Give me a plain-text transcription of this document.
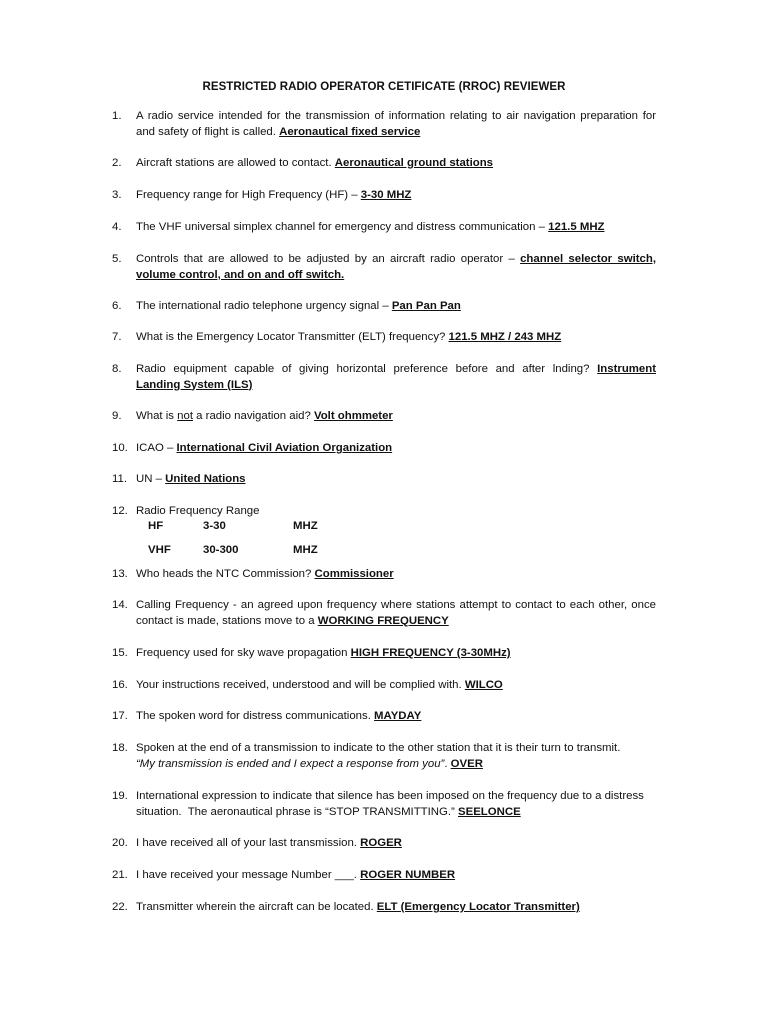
RESTRICTED RADIO OPERATOR CETIFICATE (RROC) REVIEWER
1. A radio service intended for the transmission of information relating to air navigation preparation for
and safety of flight is called. Aeronautical fixed service
2. Aircraft stations are allowed to contact. Aeronautical ground stations
3. Frequency range for High Frequency (HF) – 3-30 MHZ
4. The VHF universal simplex channel for emergency and distress communication – 121.5 MHZ
5. Controls that are allowed to be adjusted by an aircraft radio operator – channel selector switch,
volume control, and on and off switch.
6. The international radio telephone urgency signal – Pan Pan Pan
7. What is the Emergency Locator Transmitter (ELT) frequency? 121.5 MHZ / 243 MHZ
8. Radio equipment capable of giving horizontal preference before and after lnding? Instrument
Landing System (ILS)
9. What is not a radio navigation aid? Volt ohmmeter
10. ICAO – International Civil Aviation Organization
11. UN – United Nations
12. Radio Frequency Range
HF	3-30	MHZ
VHF	30-300	MHZ
13. Who heads the NTC Commission? Commissioner
14. Calling Frequency - an agreed upon frequency where stations attempt to contact to each other, once
contact is made, stations move to a WORKING FREQUENCY
15. Frequency used for sky wave propagation HIGH FREQUENCY (3-30MHz)
16. Your instructions received, understood and will be complied with. WILCO
17. The spoken word for distress communications. MAYDAY
18. Spoken at the end of a transmission to indicate to the other station that it is their turn to transmit.
“My transmission is ended and I expect a response from you”. OVER
19. International expression to indicate that silence has been imposed on the frequency due to a distress
situation.  The aeronautical phrase is “STOP TRANSMITTING.” SEELONCE
20. I have received all of your last transmission. ROGER
21. I have received your message Number ___. ROGER NUMBER
22. Transmitter wherein the aircraft can be located. ELT (Emergency Locator Transmitter)
